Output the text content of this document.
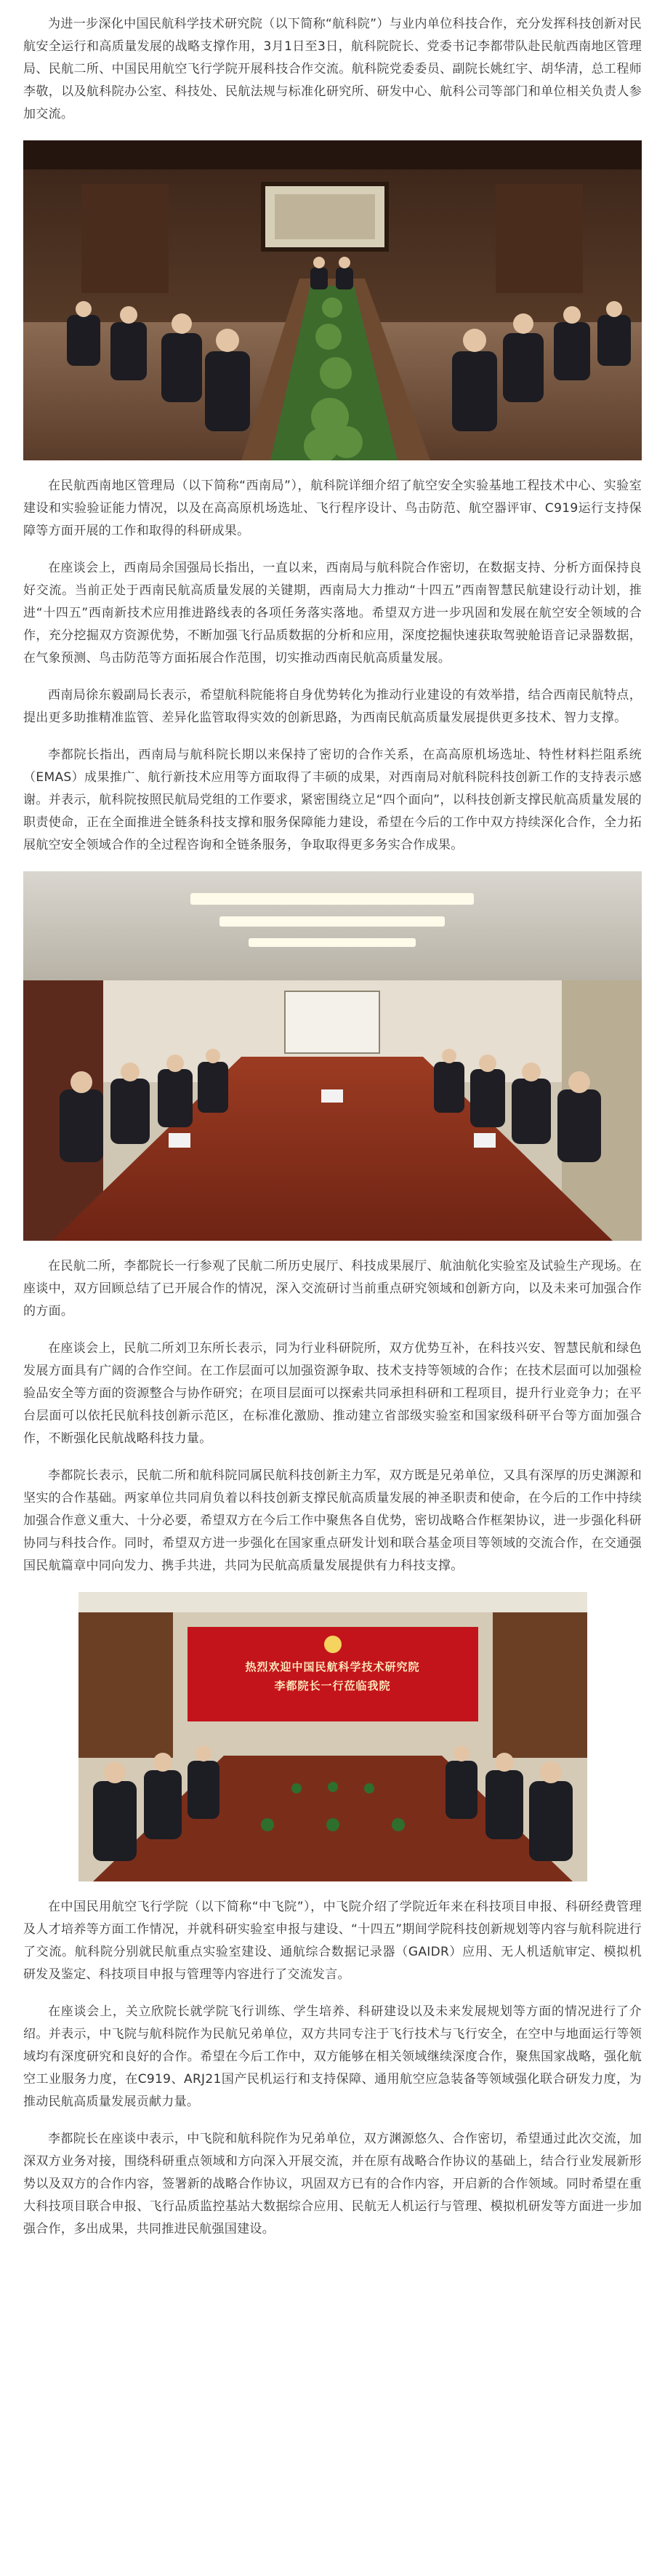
为进一步深化中国民航科学技术研究院（以下简称“航科院”）与业内单位科技合作，充分发挥科技创新对民航安全运行和高质量发展的战略支撑作用，3月1日至3日，航科院院长、党委书记李都带队赴民航西南地区管理局、民航二所、中国民用航空飞行学院开展科技合作交流。航科院党委委员、副院长姚红宇、胡华清，总工程师李敬，以及航科院办公室、科技处、民航法规与标准化研究所、研发中心、航科公司等部门和单位相关负责人参加交流。

在民航西南地区管理局（以下简称“西南局”），航科院详细介绍了航空安全实验基地工程技术中心、实验室建设和实验验证能力情况，以及在高高原机场选址、飞行程序设计、鸟击防范、航空器评审、C919运行支持保障等方面开展的工作和取得的科研成果。

在座谈会上，西南局余国强局长指出，一直以来，西南局与航科院合作密切，在数据支持、分析方面保持良好交流。当前正处于西南民航高质量发展的关键期，西南局大力推动“十四五”西南智慧民航建设行动计划，推进“十四五”西南新技术应用推进路线表的各项任务落实落地。希望双方进一步巩固和发展在航空安全领域的合作，充分挖掘双方资源优势，不断加强飞行品质数据的分析和应用，深度挖掘快速获取驾驶舱语音记录器数据，在气象预测、鸟击防范等方面拓展合作范围，切实推动西南民航高质量发展。

西南局徐东毅副局长表示，希望航科院能将自身优势转化为推动行业建设的有效举措，结合西南民航特点，提出更多助推精准监管、差异化监管取得实效的创新思路，为西南民航高质量发展提供更多技术、智力支撑。

李都院长指出，西南局与航科院长期以来保持了密切的合作关系，在高高原机场选址、特性材料拦阻系统（EMAS）成果推广、航行新技术应用等方面取得了丰硕的成果，对西南局对航科院科技创新工作的支持表示感谢。并表示，航科院按照民航局党组的工作要求，紧密围绕立足“四个面向”，以科技创新支撑民航高质量发展的职责使命，正在全面推进全链条科技支撑和服务保障能力建设，希望在今后的工作中双方持续深化合作，全力拓展航空安全领域合作的全过程咨询和全链条服务，争取取得更多务实合作成果。

在民航二所，李都院长一行参观了民航二所历史展厅、科技成果展厅、航油航化实验室及试验生产现场。在座谈中，双方回顾总结了已开展合作的情况，深入交流研讨当前重点研究领域和创新方向，以及未来可加强合作的方面。

在座谈会上，民航二所刘卫东所长表示，同为行业科研院所，双方优势互补，在科技兴安、智慧民航和绿色发展方面具有广阔的合作空间。在工作层面可以加强资源争取、技术支持等领域的合作；在技术层面可以加强检验品安全等方面的资源整合与协作研究；在项目层面可以探索共同承担科研和工程项目，提升行业竞争力；在平台层面可以依托民航科技创新示范区，在标准化激励、推动建立省部级实验室和国家级科研平台等方面加强合作，不断强化民航战略科技力量。

李都院长表示，民航二所和航科院同属民航科技创新主力军，双方既是兄弟单位，又具有深厚的历史渊源和坚实的合作基础。两家单位共同肩负着以科技创新支撑民航高质量发展的神圣职责和使命，在今后的工作中持续加强合作意义重大、十分必要，希望双方在今后工作中聚焦各自优势，密切战略合作框架协议，进一步强化科研协同与科技合作。同时，希望双方进一步强化在国家重点研发计划和联合基金项目等领域的交流合作，在交通强国民航篇章中同向发力、携手共进，共同为民航高质量发展提供有力科技支撑。

热烈欢迎中国民航科学技术研究院
李都院长一行莅临我院

在中国民用航空飞行学院（以下简称“中飞院”），中飞院介绍了学院近年来在科技项目申报、科研经费管理及人才培养等方面工作情况，并就科研实验室申报与建设、“十四五”期间学院科技创新规划等内容与航科院进行了交流。航科院分别就民航重点实验室建设、通航综合数据记录器（GAIDR）应用、无人机适航审定、模拟机研发及鉴定、科技项目申报与管理等内容进行了交流发言。

在座谈会上，关立欣院长就学院飞行训练、学生培养、科研建设以及未来发展规划等方面的情况进行了介绍。并表示，中飞院与航科院作为民航兄弟单位，双方共同专注于飞行技术与飞行安全，在空中与地面运行等领域均有深度研究和良好的合作。希望在今后工作中，双方能够在相关领域继续深度合作，聚焦国家战略，强化航空工业服务力度，在C919、ARJ21国产民机运行和支持保障、通用航空应急装备等领域强化联合研发力度，为推动民航高质量发展贡献力量。

李都院长在座谈中表示，中飞院和航科院作为兄弟单位，双方渊源悠久、合作密切，希望通过此次交流，加深双方业务对接，围绕科研重点领域和方向深入开展交流，并在原有战略合作协议的基础上，结合行业发展新形势以及双方的合作内容，签署新的战略合作协议，巩固双方已有的合作内容，开启新的合作领域。同时希望在重大科技项目联合申报、飞行品质监控基站大数据综合应用、民航无人机运行与管理、模拟机研发等方面进一步加强合作，多出成果，共同推进民航强国建设。
